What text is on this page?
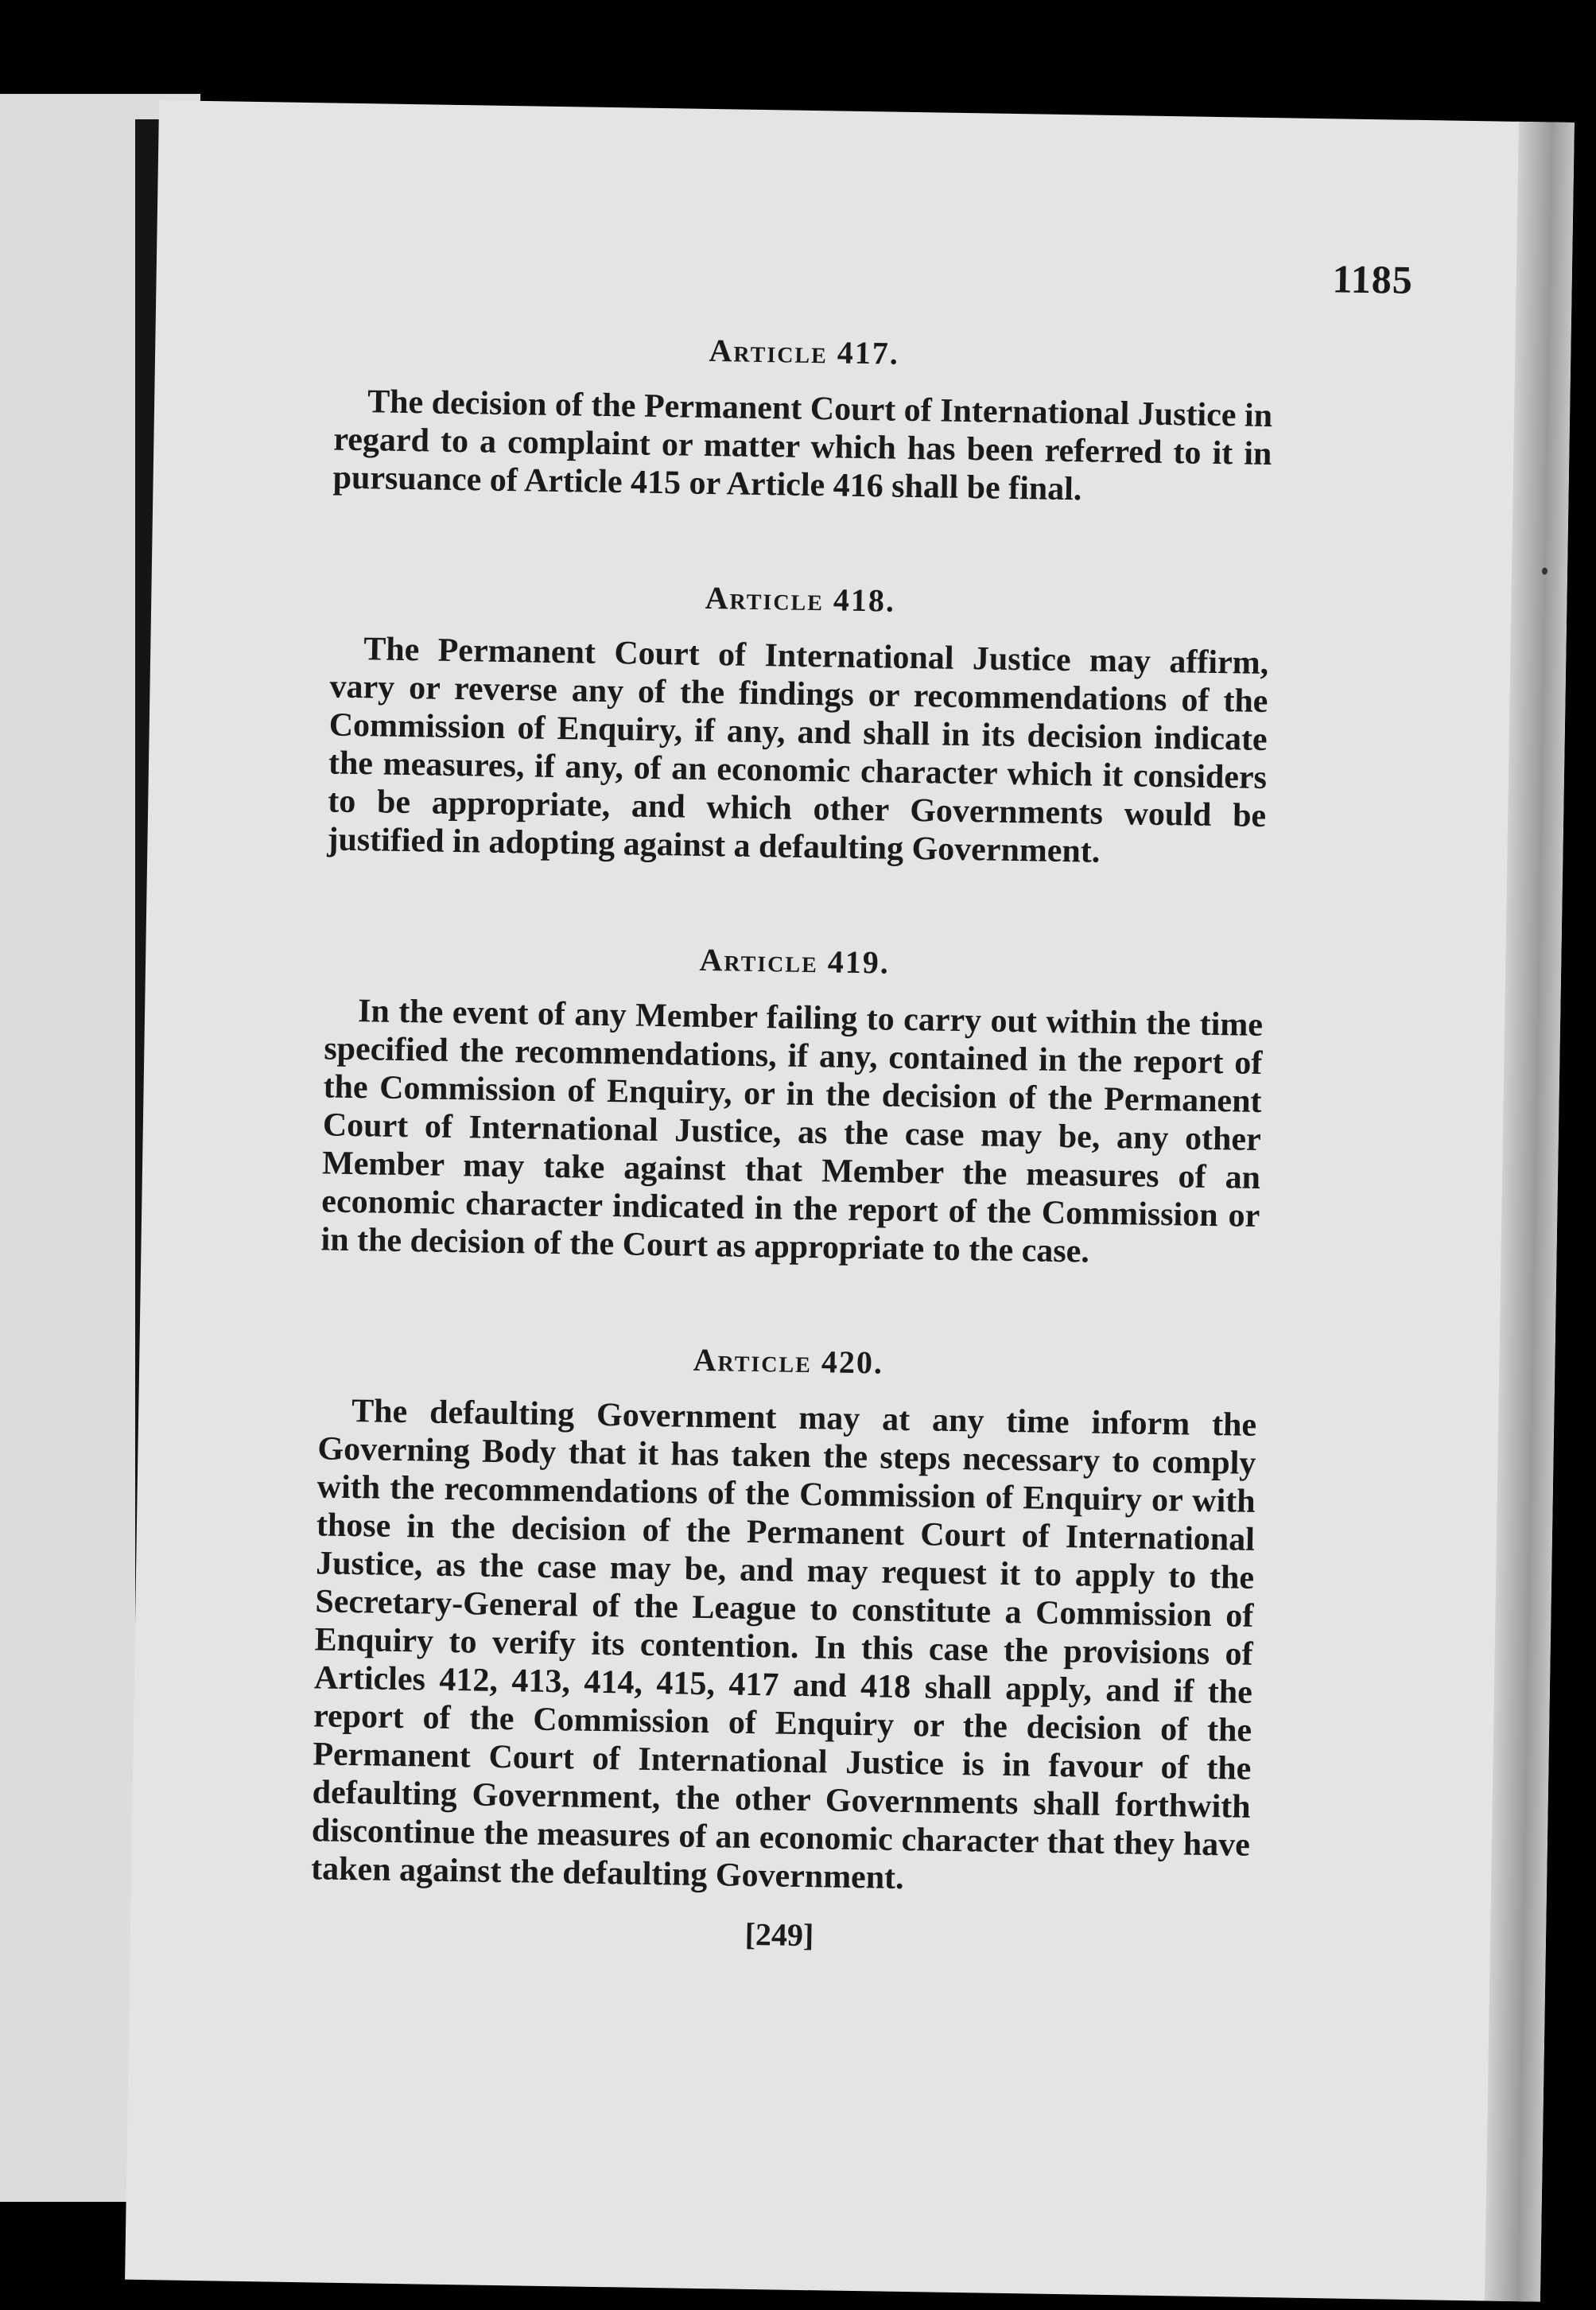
1185
Article 417.

The decision of the Permanent Court of International Justice in regard to a complaint or matter which has been referred to it in pursuance of Article 415 or Article 416 shall be final.

Article 418.

The Permanent Court of International Justice may affirm, vary or reverse any of the findings or recommendations of the Commission of Enquiry, if any, and shall in its decision indicate the measures, if any, of an economic character which it considers to be appropriate, and which other Governments would be justified in adopting against a defaulting Government.

Article 419.

In the event of any Member failing to carry out within the time specified the recommendations, if any, contained in the report of the Commission of Enquiry, or in the decision of the Permanent Court of International Justice, as the case may be, any other Member may take against that Member the measures of an economic character indicated in the report of the Commission or in the decision of the Court as appropriate to the case.

Article 420.

The defaulting Government may at any time inform the Governing Body that it has taken the steps necessary to comply with the recommendations of the Commission of Enquiry or with those in the decision of the Permanent Court of International Justice, as the case may be, and may request it to apply to the Secretary-General of the League to constitute a Commission of Enquiry to verify its contention. In this case the provisions of Articles 412, 413, 414, 415, 417 and 418 shall apply, and if the report of the Commission of Enquiry or the decision of the Permanent Court of International Justice is in favour of the defaulting Government, the other Governments shall forthwith discontinue the measures of an economic character that they have taken against the defaulting Government.

[249]
